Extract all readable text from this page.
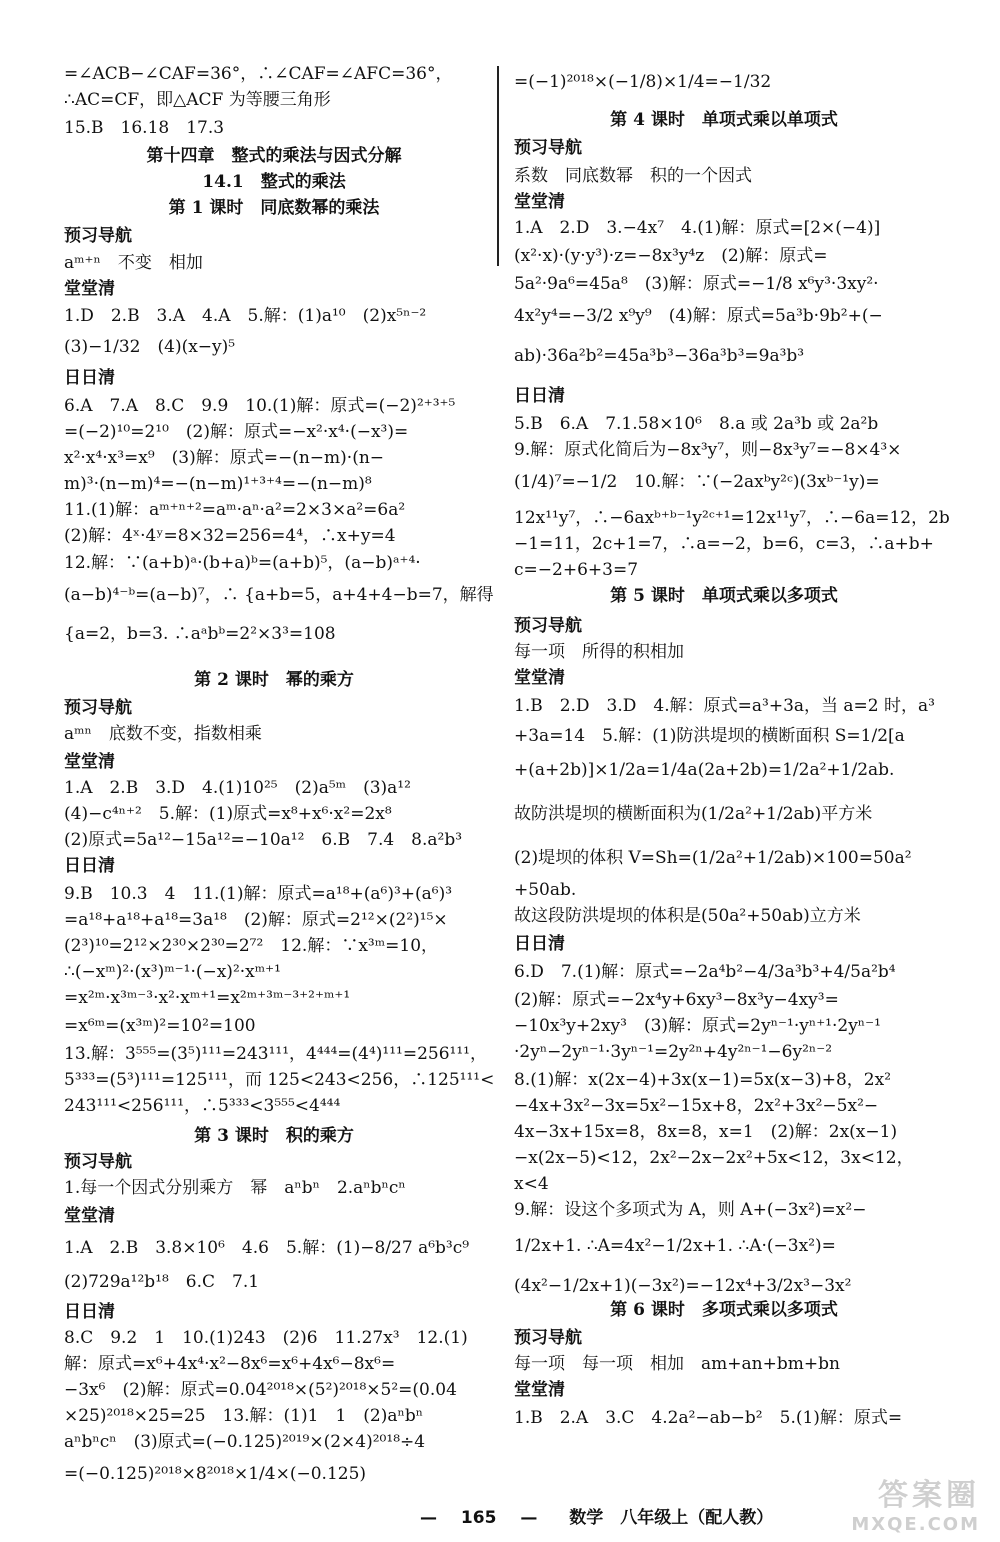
=∠ACB−∠CAF=36°，∴∠CAF=∠AFC=36°，
∴AC=CF，即△ACF 为等腰三角形
15.B　16.18　17.3
第十四章　整式的乘法与因式分解
14.1　整式的乘法
第 1 课时　同底数幂的乘法
预习导航
aᵐ⁺ⁿ　不变　相加
堂堂清
1.D　2.B　3.A　4.A　5.解：(1)a¹⁰　(2)x⁵ⁿ⁻²
(3)−1/32　(4)(x−y)⁵
日日清
6.A　7.A　8.C　9.9　10.(1)解：原式=(−2)²⁺³⁺⁵
=(−2)¹⁰=2¹⁰　(2)解：原式=−x²·x⁴·(−x³)=
x²·x⁴·x³=x⁹　(3)解：原式=−(n−m)·(n−
m)³·(n−m)⁴=−(n−m)¹⁺³⁺⁴=−(n−m)⁸
11.(1)解：aᵐ⁺ⁿ⁺²=aᵐ·aⁿ·a²=2×3×a²=6a²
(2)解：4ˣ·4ʸ=8×32=256=4⁴，∴x+y=4
12.解：∵(a+b)ᵃ·(b+a)ᵇ=(a+b)⁵，(a−b)ᵃ⁺⁴·
(a−b)⁴⁻ᵇ=(a−b)⁷，∴ {a+b=5，a+4+4−b=7，解得
{a=2，b=3. ∴aᵃbᵇ=2²×3³=108
第 2 课时　幂的乘方
预习导航
aᵐⁿ　底数不变，指数相乘
堂堂清
1.A　2.B　3.D　4.(1)10²⁵　(2)a⁵ᵐ　(3)a¹²
(4)−c⁴ⁿ⁺²　5.解：(1)原式=x⁸+x⁶·x²=2x⁸
(2)原式=5a¹²−15a¹²=−10a¹²　6.B　7.4　8.a²b³
日日清
9.B　10.3　4　11.(1)解：原式=a¹⁸+(a⁶)³+(a⁶)³
=a¹⁸+a¹⁸+a¹⁸=3a¹⁸　(2)解：原式=2¹²×(2²)¹⁵×
(2³)¹⁰=2¹²×2³⁰×2³⁰=2⁷²　12.解：∵x³ᵐ=10，
∴(−xᵐ)²·(x³)ᵐ⁻¹·(−x)²·xᵐ⁺¹
=x²ᵐ·x³ᵐ⁻³·x²·xᵐ⁺¹=x²ᵐ⁺³ᵐ⁻³⁺²⁺ᵐ⁺¹
=x⁶ᵐ=(x³ᵐ)²=10²=100
13.解：3⁵⁵⁵=(3⁵)¹¹¹=243¹¹¹，4⁴⁴⁴=(4⁴)¹¹¹=256¹¹¹，
5³³³=(5³)¹¹¹=125¹¹¹，而 125<243<256，∴125¹¹¹<
243¹¹¹<256¹¹¹，∴5³³³<3⁵⁵⁵<4⁴⁴⁴
第 3 课时　积的乘方
预习导航
1.每一个因式分别乘方　幂　aⁿbⁿ　2.aⁿbⁿcⁿ
堂堂清
1.A　2.B　3.8×10⁶　4.6　5.解：(1)−8/27 a⁶b³c⁹
(2)729a¹²b¹⁸　6.C　7.1
日日清
8.C　9.2　1　10.(1)243　(2)6　11.27x³　12.(1)
解：原式=x⁶+4x⁴·x²−8x⁶=x⁶+4x⁶−8x⁶=
−3x⁶　(2)解：原式=0.04²⁰¹⁸×(5²)²⁰¹⁸×5²=(0.04
×25)²⁰¹⁸×25=25　13.解：(1)1　1　(2)aⁿbⁿ
aⁿbⁿcⁿ　(3)原式=(−0.125)²⁰¹⁹×(2×4)²⁰¹⁸÷4
=(−0.125)²⁰¹⁸×8²⁰¹⁸×1/4×(−0.125)
=(−1)²⁰¹⁸×(−1/8)×1/4=−1/32
第 4 课时　单项式乘以单项式
预习导航
系数　同底数幂　积的一个因式
堂堂清
1.A　2.D　3.−4x⁷　4.(1)解：原式=[2×(−4)]
(x²·x)·(y·y³)·z=−8x³y⁴z　(2)解：原式=
5a²·9a⁶=45a⁸　(3)解：原式=−1/8 x⁶y³·3xy²·
4x²y⁴=−3/2 x⁹y⁹　(4)解：原式=5a³b·9b²+(−
ab)·36a²b²=45a³b³−36a³b³=9a³b³
日日清
5.B　6.A　7.1.58×10⁶　8.a 或 2a³b 或 2a²b
9.解：原式化简后为−8x³y⁷，则−8x³y⁷=−8×4³×
(1/4)⁷=−1/2　10.解：∵(−2axᵇy²ᶜ)(3xᵇ⁻¹y)=
12x¹¹y⁷，∴−6axᵇ⁺ᵇ⁻¹y²ᶜ⁺¹=12x¹¹y⁷，∴−6a=12，2b
−1=11，2c+1=7，∴a=−2，b=6，c=3，∴a+b+
c=−2+6+3=7
第 5 课时　单项式乘以多项式
预习导航
每一项　所得的积相加
堂堂清
1.B　2.D　3.D　4.解：原式=a³+3a，当 a=2 时，a³
+3a=14　5.解：(1)防洪堤坝的横断面积 S=1/2[a
+(a+2b)]×1/2a=1/4a(2a+2b)=1/2a²+1/2ab.
故防洪堤坝的横断面积为(1/2a²+1/2ab)平方米
(2)堤坝的体积 V=Sh=(1/2a²+1/2ab)×100=50a²
+50ab.
故这段防洪堤坝的体积是(50a²+50ab)立方米
日日清
6.D　7.(1)解：原式=−2a⁴b²−4/3a³b³+4/5a²b⁴
(2)解：原式=−2x⁴y+6xy³−8x³y−4xy³=
−10x³y+2xy³　(3)解：原式=2yⁿ⁻¹·yⁿ⁺¹·2yⁿ⁻¹
·2yⁿ−2yⁿ⁻¹·3yⁿ⁻¹=2y²ⁿ+4y²ⁿ⁻¹−6y²ⁿ⁻²
8.(1)解：x(2x−4)+3x(x−1)=5x(x−3)+8，2x²
−4x+3x²−3x=5x²−15x+8，2x²+3x²−5x²−
4x−3x+15x=8，8x=8，x=1　(2)解：2x(x−1)
−x(2x−5)<12，2x²−2x−2x²+5x<12，3x<12，
x<4
9.解：设这个多项式为 A，则 A+(−3x²)=x²−
1/2x+1. ∴A=4x²−1/2x+1. ∴A·(−3x²)=
(4x²−1/2x+1)(−3x²)=−12x⁴+3/2x³−3x²
第 6 课时　多项式乘以多项式
预习导航
每一项　每一项　相加　am+an+bm+bn
堂堂清
1.B　2.A　3.C　4.2a²−ab−b²　5.(1)解：原式=
— 165 — 数学　八年级上（配人教）
答案圈
MXQE.COM
